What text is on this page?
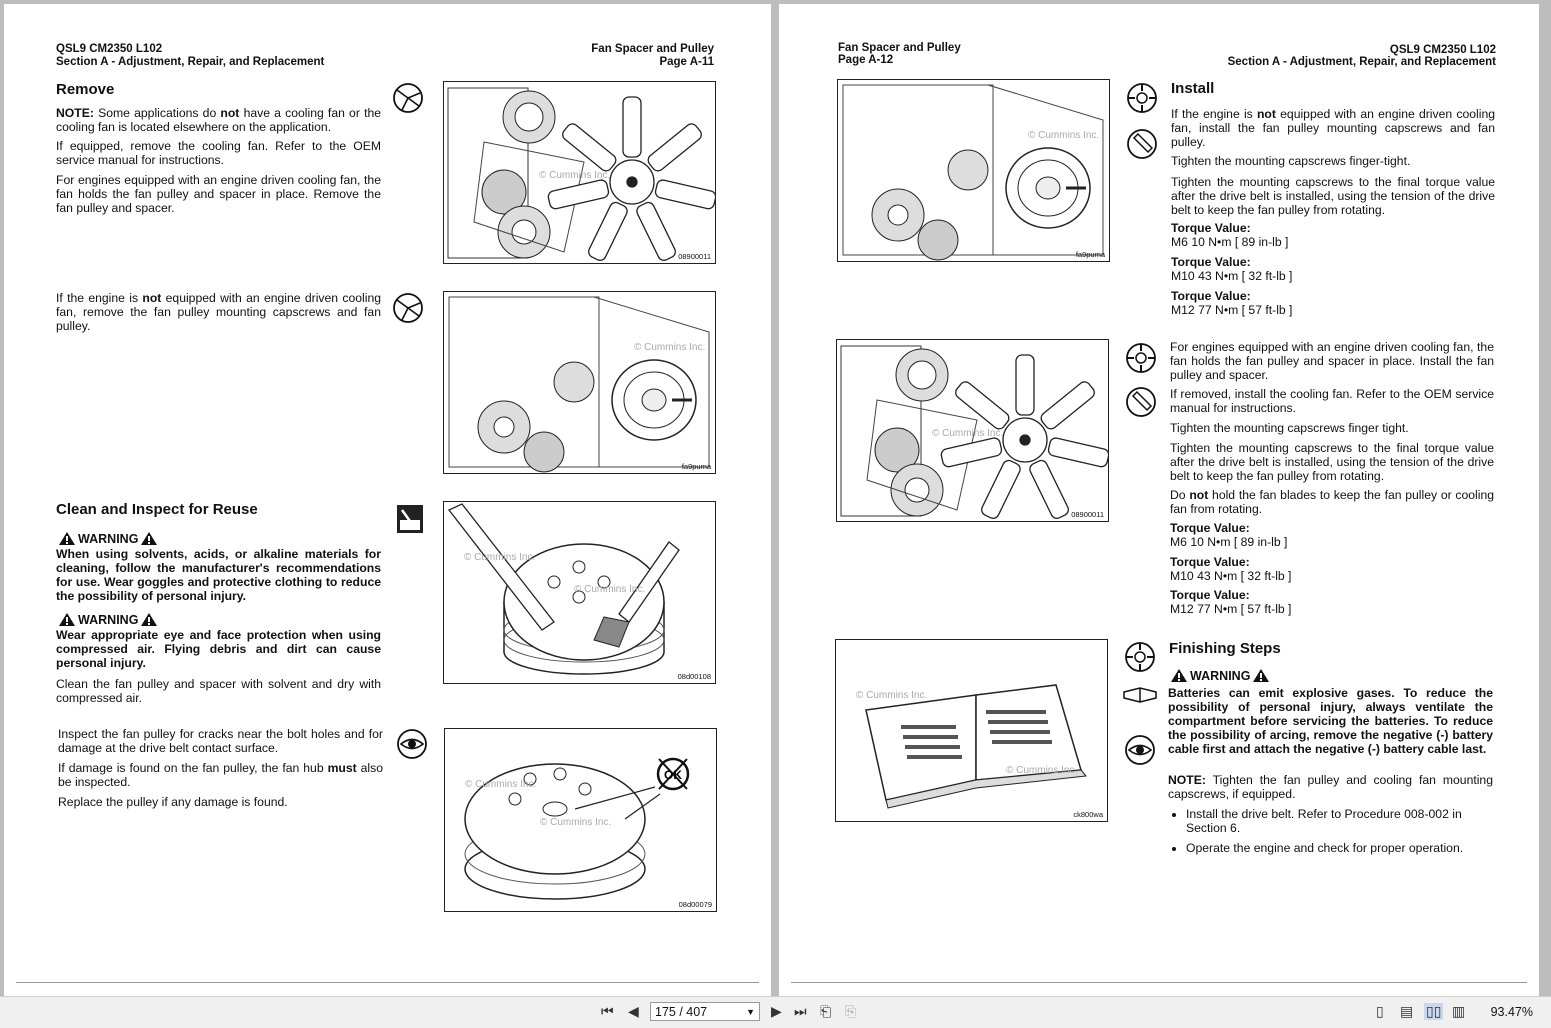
QSL9 CM2350 L102
Section A - Adjustment, Repair, and Replacement
Fan Spacer and Pulley
Page A-11
Remove
NOTE: Some applications do not have a cooling fan or the cooling fan is located elsewhere on the application.
If equipped, remove the cooling fan. Refer to the OEM service manual for instructions.
For engines equipped with an engine driven cooling fan, the fan holds the fan pulley and spacer in place. Remove the fan pulley and spacer.
© Cummins Inc.
08900011
If the engine is not equipped with an engine driven cooling fan, remove the fan pulley mounting capscrews and fan pulley.
© Cummins Inc.
fa9puma
Clean and Inspect for Reuse
WARNING
When using solvents, acids, or alkaline materials for cleaning, follow the manufacturer's recommendations for use. Wear goggles and protective clothing to reduce the possibility of personal injury.
WARNING
Wear appropriate eye and face protection when using compressed air. Flying debris and dirt can cause personal injury.
Clean the fan pulley and spacer with solvent and dry with compressed air.
© Cummins Inc.
© Cummins Inc.
08d00108
Inspect the fan pulley for cracks near the bolt holes and for damage at the drive belt contact surface.
If damage is found on the fan pulley, the fan hub must also be inspected.
Replace the pulley if any damage is found.
OK
© Cummins Inc.
© Cummins Inc.
08d00079
Fan Spacer and Pulley
Page A-12
QSL9 CM2350 L102
Section A - Adjustment, Repair, and Replacement
© Cummins Inc.
fa9puma
Install
If the engine is not equipped with an engine driven cooling fan, install the fan pulley mounting capscrews and fan pulley.
Tighten the mounting capscrews finger-tight.
Tighten the mounting capscrews to the final torque value after the drive belt is installed, using the tension of the drive belt to keep the fan pulley from rotating.
Torque Value:
M6 10 N•m [ 89 in-lb ]
Torque Value:
M10 43 N•m [ 32 ft-lb ]
Torque Value:
M12 77 N•m [ 57 ft-lb ]
© Cummins Inc.
08900011
For engines equipped with an engine driven cooling fan, the fan holds the fan pulley and spacer in place. Install the fan pulley and spacer.
If removed, install the cooling fan. Refer to the OEM service manual for instructions.
Tighten the mounting capscrews finger tight.
Tighten the mounting capscrews to the final torque value after the drive belt is installed, using the tension of the drive belt to keep the fan pulley from rotating.
Do not hold the fan blades to keep the fan pulley or cooling fan from rotating.
Torque Value:
M6 10 N•m [ 89 in-lb ]
Torque Value:
M10 43 N•m [ 32 ft-lb ]
Torque Value:
M12 77 N•m [ 57 ft-lb ]
© Cummins Inc.
© Cummins Inc.
ck800wa
Finishing Steps
WARNING
Batteries can emit explosive gases. To reduce the possibility of personal injury, always ventilate the compartment before servicing the batteries. To reduce the possibility of arcing, remove the negative (-) battery cable first and attach the negative (-) battery cable last.
NOTE: Tighten the fan pulley and cooling fan mounting capscrews, if equipped.
• Install the drive belt. Refer to Procedure 008-002 in Section 6.
• Operate the engine and check for proper operation.
⏮ ◀	175 / 407	▼ ▶ ⏭ ⎗ ⎘	▯ ▤ ▯▯ ▥ 93.47%
